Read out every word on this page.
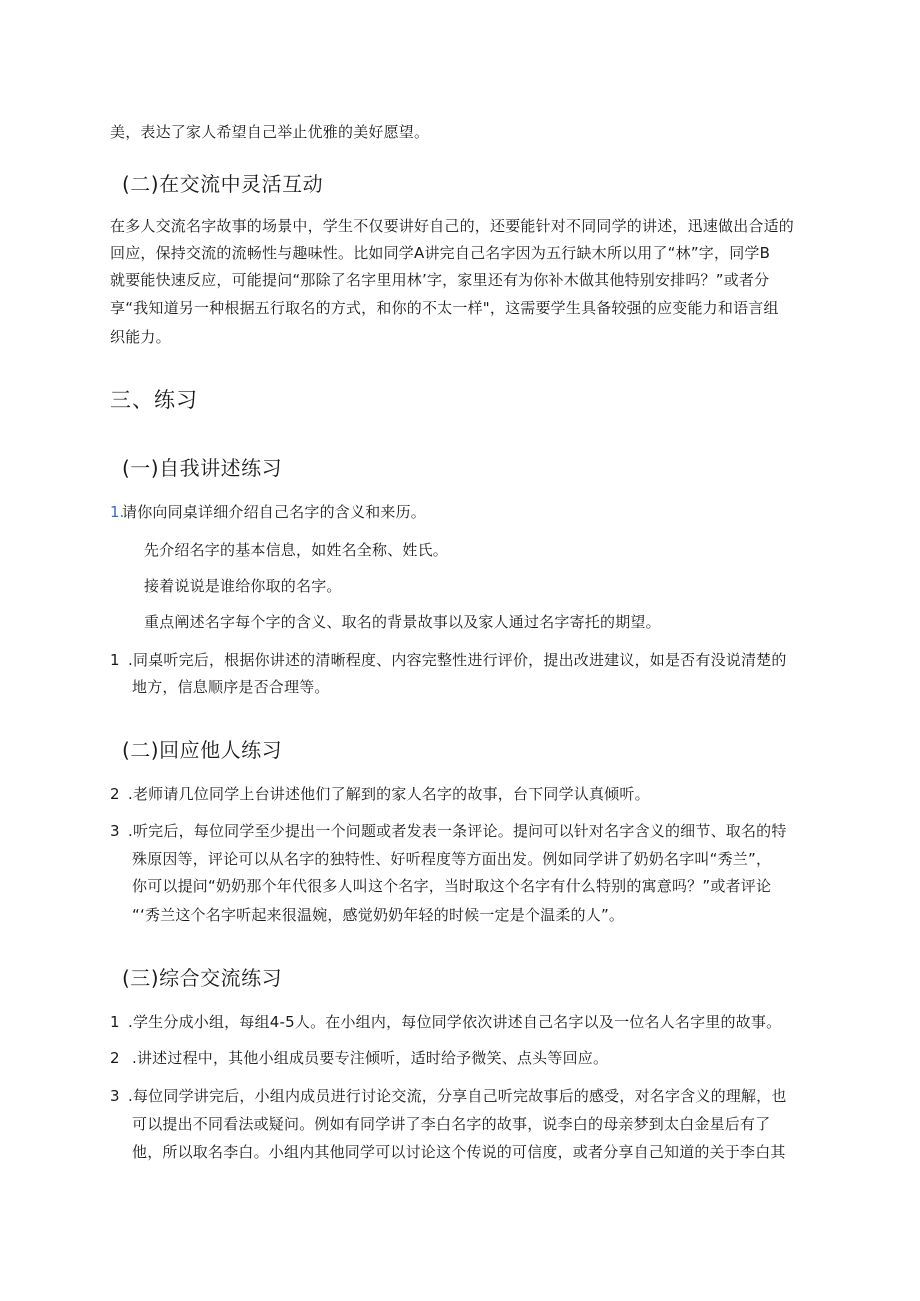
美，表达了家人希望自己举止优雅的美好愿望。
(二)在交流中灵活互动
在多人交流名字故事的场景中，学生不仅要讲好自己的，还要能针对不同同学的讲述，迅速做出合适的
回应，保持交流的流畅性与趣味性。比如同学A讲完自己名字因为五行缺木所以用了“林”字，同学B
就要能快速反应，可能提问“那除了名字里用林’字，家里还有为你补木做其他特别安排吗？”或者分
享“我知道另一种根据五行取名的方式，和你的不太一样"，这需要学生具备较强的应变能力和语言组
织能力。
三、练习
(一)自我讲述练习
1.
请你向同桌详细介绍自己名字的含义和来历。
先介绍名字的基本信息，如姓名全称、姓氏。
接着说说是谁给你取的名字。
重点阐述名字每个字的含义、取名的背景故事以及家人通过名字寄托的期望。
1 .同桌听完后，根据你讲述的清晰程度、内容完整性进行评价，提出改进建议，如是否有没说清楚的
地方，信息顺序是否合理等。
(二)回应他人练习
2 .老师请几位同学上台讲述他们了解到的家人名字的故事，台下同学认真倾听。
3 .听完后，每位同学至少提出一个问题或者发表一条评论。提问可以针对名字含义的细节、取名的特
殊原因等，评论可以从名字的独特性、好听程度等方面出发。例如同学讲了奶奶名字叫“秀兰”，
你可以提问“奶奶那个年代很多人叫这个名字，当时取这个名字有什么特别的寓意吗？”或者评论
“‘秀兰这个名字听起来很温婉，感觉奶奶年轻的时候一定是个温柔的人”。
(三)综合交流练习
1 .学生分成小组，每组4-5人。在小组内，每位同学依次讲述自己名字以及一位名人名字里的故事。
2 .讲述过程中，其他小组成员要专注倾听，适时给予微笑、点头等回应。
3 .每位同学讲完后，小组内成员进行讨论交流，分享自己听完故事后的感受，对名字含义的理解，也
可以提出不同看法或疑问。例如有同学讲了李白名字的故事，说李白的母亲梦到太白金星后有了
他，所以取名李白。小组内其他同学可以讨论这个传说的可信度，或者分享自己知道的关于李白其
